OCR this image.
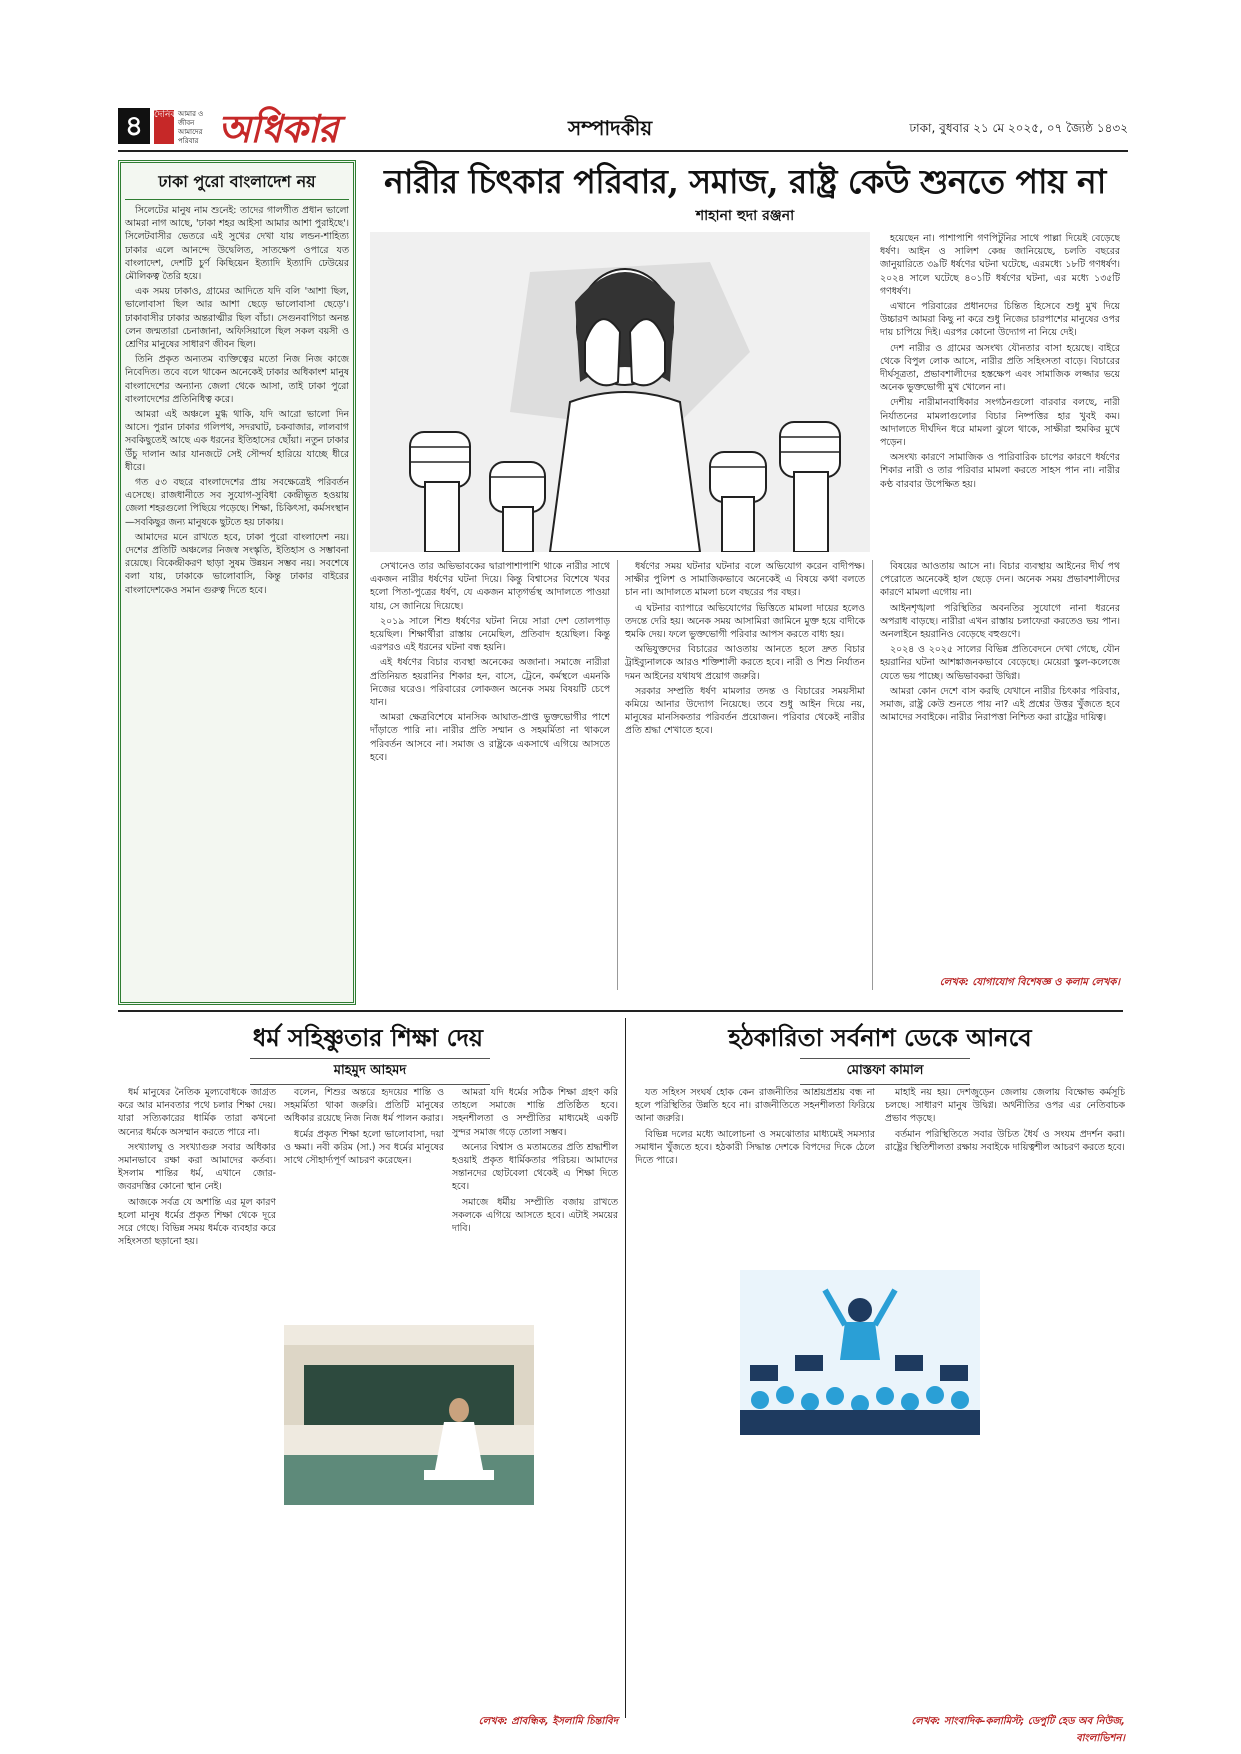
৪	দৈনিক আমার ও জীবন আমাদের পরিবার অধিকার	সম্পাদকীয়	ঢাকা, বুধবার ২১ মে ২০২৫, ০৭ জ্যৈষ্ঠ ১৪৩২
ঢাকা পুরো বাংলাদেশ নয়

সিলেটের মানুষ নাম শুনেই: তাদের গালগীত প্রধান ভালো আমরা নাগ আছে, 'ঢাকা শহর আইসা আমার আশা পুরাইছে'। সিলেটবাসীর ভেতরে এই সুখের দেখা যায় লন্ডন-শাহিত্য ঢাকার এলে আনন্দে উদ্বেলিত, সাতক্ষেপ ওপারে যত বাংলাদেশ, দেশটি চুর্ণ কিছিয়েন ইত্যাদি ইত্যাদি ঢেউয়ের মৌলিকত্ব তৈরি হয়ে।

এক সময় ঢাকাও, গ্রামের আদিতে যদি বলি 'আশা ছিল, ভালোবাসা ছিল আর আশা ছেড়ে ভালোবাসা ছেড়ে'। ঢাকাবাসীর ঢাকার অন্তরাত্মীর ছিল বাঁচা। সেগুনবাগিচা অনন্ত লেন জন্মতারা চেনাজানা, অফিসিয়ালে ছিল সকল বয়সী ও শ্রেণির মানুষের সাধারণ জীবন ছিল।

তিনি প্রকৃত অন্যতম ব্যক্তিত্বের মতো নিজ নিজ কাজে নিবেদিত। তবে বলে থাকেন অনেকেই ঢাকার অধিকাংশ মানুষ বাংলাদেশের অন্যান্য জেলা থেকে আসা, তাই ঢাকা পুরো বাংলাদেশের প্রতিনিধিত্ব করে।

আমরা এই অঞ্চলে মুগ্ধ থাকি, যদি আরো ভালো দিন আসে। পুরান ঢাকার গলিপথ, সদরঘাট, চকবাজার, লালবাগ সবকিছুতেই আছে এক ধরনের ইতিহাসের ছোঁয়া। নতুন ঢাকার উঁচু দালান আর যানজটে সেই সৌন্দর্য হারিয়ে যাচ্ছে ধীরে ধীরে।

গত ৫৩ বছরে বাংলাদেশের প্রায় সবক্ষেত্রেই পরিবর্তন এসেছে। রাজধানীতে সব সুযোগ-সুবিধা কেন্দ্রীভূত হওয়ায় জেলা শহরগুলো পিছিয়ে পড়েছে। শিক্ষা, চিকিৎসা, কর্মসংস্থান—সবকিছুর জন্য মানুষকে ছুটতে হয় ঢাকায়।

আমাদের মনে রাখতে হবে, ঢাকা পুরো বাংলাদেশ নয়। দেশের প্রতিটি অঞ্চলের নিজস্ব সংস্কৃতি, ইতিহাস ও সম্ভাবনা রয়েছে। বিকেন্দ্রীকরণ ছাড়া সুষম উন্নয়ন সম্ভব নয়। সবশেষে বলা যায়, ঢাকাকে ভালোবাসি, কিন্তু ঢাকার বাইরের বাংলাদেশকেও সমান গুরুত্ব দিতে হবে।

নারীর চিৎকার পরিবার, সমাজ, রাষ্ট্র কেউ শুনতে পায় না
শাহানা হুদা রঞ্জনা

হয়েছেন না। পাশাপাশি গণপিটুনির সাথে পাল্লা দিয়েই বেড়েছে ধর্ষণ। আইন ও সালিশ কেন্দ্র জানিয়েছে, চলতি বছরের জানুয়ারিতে ৩৯টি ধর্ষণের ঘটনা ঘটেছে, এরমধ্যে ১৮টি গণধর্ষণ। ২০২৪ সালে ঘটেছে ৪০১টি ধর্ষণের ঘটনা, এর মধ্যে ১৩৫টি গণধর্ষণ।

এখানে পরিবারের প্রধানদের চিন্তিত হিসেবে শুধু মুখ দিয়ে উচ্চারণ আমরা কিছু না করে শুধু নিজের চারপাশের মানুষের ওপর দায় চাপিয়ে দিই। এরপর কোনো উদ্যোগ না নিয়ে দেই।

দেশ নারীর ও গ্রামের অসংখ্য যৌনতার বাসা হয়েছে। বাইরে থেকে বিপুল লোক আসে, নারীর প্রতি সহিংসতা বাড়ে। বিচারের দীর্ঘসূত্রতা, প্রভাবশালীদের হস্তক্ষেপ এবং সামাজিক লজ্জার ভয়ে অনেক ভুক্তভোগী মুখ খোলেন না।

দেশীয় নারীমানবাধিকার সংগঠনগুলো বারবার বলছে, নারী নির্যাতনের মামলাগুলোর বিচার নিষ্পত্তির হার খুবই কম। আদালতে দীর্ঘদিন ধরে মামলা ঝুলে থাকে, সাক্ষীরা হুমকির মুখে পড়েন।

অসংখ্য কারণে সামাজিক ও পারিবারিক চাপের কারণে ধর্ষণের শিকার নারী ও তার পরিবার মামলা করতে সাহস পান না। নারীর কণ্ঠ বারবার উপেক্ষিত হয়।

সেখানেও তার অভিভাবকের দ্বারাপাশাপাশি থাকে নারীর সাথে একজন নারীর ধর্ষণের ঘটনা দিয়ে। কিন্তু বিশ্বাসের বিশেষে খবর হলো পিতা-পুত্রের ধর্ষণ, যে একজন মাতৃগর্ভস্থ আদালতে পাওয়া যায়, সে জানিয়ে দিয়েছে।

২০১৯ সালে শিশু ধর্ষণের ঘটনা নিয়ে সারা দেশ তোলপাড় হয়েছিল। শিক্ষার্থীরা রাস্তায় নেমেছিল, প্রতিবাদ হয়েছিল। কিন্তু এরপরও এই ধরনের ঘটনা বন্ধ হয়নি।

এই ধর্ষণের বিচার ব্যবস্থা অনেকের অজানা। সমাজে নারীরা প্রতিনিয়ত হয়রানির শিকার হন, বাসে, ট্রেনে, কর্মস্থলে এমনকি নিজের ঘরেও। পরিবারের লোকজন অনেক সময় বিষয়টি চেপে যান।

আমরা ক্ষেত্রবিশেষে মানসিক আঘাত-প্রাপ্ত ভুক্তভোগীর পাশে দাঁড়াতে পারি না। নারীর প্রতি সম্মান ও সহমর্মিতা না থাকলে পরিবর্তন আসবে না। সমাজ ও রাষ্ট্রকে একসাথে এগিয়ে আসতে হবে।

ধর্ষণের সময় ঘটনার ঘটনার বলে অভিযোগ করেন বাদীপক্ষ। সাক্ষীর পুলিশ ও সামাজিকভাবে অনেকেই এ বিষয়ে কথা বলতে চান না। আদালতে মামলা চলে বছরের পর বছর।

এ ঘটনার ব্যাপারে অভিযোগের ভিত্তিতে মামলা দায়ের হলেও তদন্তে দেরি হয়। অনেক সময় আসামিরা জামিনে মুক্ত হয়ে বাদীকে হুমকি দেয়। ফলে ভুক্তভোগী পরিবার আপস করতে বাধ্য হয়।

অভিযুক্তদের বিচারের আওতায় আনতে হলে দ্রুত বিচার ট্রাইব্যুনালকে আরও শক্তিশালী করতে হবে। নারী ও শিশু নির্যাতন দমন আইনের যথাযথ প্রয়োগ জরুরি।

সরকার সম্প্রতি ধর্ষণ মামলার তদন্ত ও বিচারের সময়সীমা কমিয়ে আনার উদ্যোগ নিয়েছে। তবে শুধু আইন দিয়ে নয়, মানুষের মানসিকতার পরিবর্তন প্রয়োজন। পরিবার থেকেই নারীর প্রতি শ্রদ্ধা শেখাতে হবে।

বিষয়ের আওতায় আসে না। বিচার ব্যবস্থায় আইনের দীর্ঘ পথ পেরোতে অনেকেই হাল ছেড়ে দেন। অনেক সময় প্রভাবশালীদের কারণে মামলা এগোয় না।

আইনশৃঙ্খলা পরিস্থিতির অবনতির সুযোগে নানা ধরনের অপরাধ বাড়ছে। নারীরা এখন রাস্তায় চলাফেরা করতেও ভয় পান। অনলাইনে হয়রানিও বেড়েছে বহুগুণে।

২০২৪ ও ২০২৫ সালের বিভিন্ন প্রতিবেদনে দেখা গেছে, যৌন হয়রানির ঘটনা আশঙ্কাজনকভাবে বেড়েছে। মেয়েরা স্কুল-কলেজে যেতে ভয় পাচ্ছে। অভিভাবকরা উদ্বিগ্ন।

আমরা কোন দেশে বাস করছি যেখানে নারীর চিৎকার পরিবার, সমাজ, রাষ্ট্র কেউ শুনতে পায় না? এই প্রশ্নের উত্তর খুঁজতে হবে আমাদের সবাইকে। নারীর নিরাপত্তা নিশ্চিত করা রাষ্ট্রের দায়িত্ব।

লেখক: যোগাযোগ বিশেষজ্ঞ ও কলাম লেখক।
ধর্ম সহিষ্ণুতার শিক্ষা দেয়
মাহমুদ আহমদ

ধর্ম মানুষের নৈতিক মূল্যবোধকে জাগ্রত করে আর মানবতার পথে চলার শিক্ষা দেয়। যারা সত্যিকারের ধার্মিক তারা কখনো অন্যের ধর্মকে অসম্মান করতে পারে না।

সংখ্যালঘু ও সংখ্যাগুরু সবার অধিকার সমানভাবে রক্ষা করা আমাদের কর্তব্য। ইসলাম শান্তির ধর্ম, এখানে জোর-জবরদস্তির কোনো স্থান নেই।

আজকে সর্বত্র যে অশান্তি এর মূল কারণ হলো মানুষ ধর্মের প্রকৃত শিক্ষা থেকে দূরে সরে গেছে। বিভিন্ন সময় ধর্মকে ব্যবহার করে সহিংসতা ছড়ানো হয়।

বলেন, শিশুর অন্তরে হৃদয়ের শান্তি ও সহমর্মিতা থাকা জরুরি। প্রতিটি মানুষের অধিকার রয়েছে নিজ নিজ ধর্ম পালন করার।

ধর্মের প্রকৃত শিক্ষা হলো ভালোবাসা, দয়া ও ক্ষমা। নবী করিম (সা.) সব ধর্মের মানুষের সাথে সৌহার্দ্যপূর্ণ আচরণ করেছেন।

আমরা যদি ধর্মের সঠিক শিক্ষা গ্রহণ করি তাহলে সমাজে শান্তি প্রতিষ্ঠিত হবে। সহনশীলতা ও সম্প্রীতির মাধ্যমেই একটি সুন্দর সমাজ গড়ে তোলা সম্ভব।

অন্যের বিশ্বাস ও মতামতের প্রতি শ্রদ্ধাশীল হওয়াই প্রকৃত ধার্মিকতার পরিচয়। আমাদের সন্তানদের ছোটবেলা থেকেই এ শিক্ষা দিতে হবে।

সমাজে ধর্মীয় সম্প্রীতি বজায় রাখতে সকলকে এগিয়ে আসতে হবে। এটাই সময়ের দাবি।

লেখক: প্রাবন্ধিক, ইসলামি চিন্তাবিদ
হঠকারিতা সর্বনাশ ডেকে আনবে
মোস্তফা কামাল

যত সহিংস সংঘর্ষ হোক কেন রাজনীতির আশ্রয়প্রশ্রয় বন্ধ না হলে পরিস্থিতির উন্নতি হবে না। রাজনীতিতে সহনশীলতা ফিরিয়ে আনা জরুরি।

বিভিন্ন দলের মধ্যে আলোচনা ও সমঝোতার মাধ্যমেই সমস্যার সমাধান খুঁজতে হবে। হঠকারী সিদ্ধান্ত দেশকে বিপদের দিকে ঠেলে দিতে পারে।

মাহাই নয় হয়। দেশজুড়েন জেলায় জেলায় বিক্ষোভ কর্মসূচি চলছে। সাধারণ মানুষ উদ্বিগ্ন। অর্থনীতির ওপর এর নেতিবাচক প্রভাব পড়ছে।

বর্তমান পরিস্থিতিতে সবার উচিত ধৈর্য ও সংযম প্রদর্শন করা। রাষ্ট্রের স্থিতিশীলতা রক্ষায় সবাইকে দায়িত্বশীল আচরণ করতে হবে।

লেখক: সাংবাদিক-কলামিস্ট; ডেপুটি হেড অব নিউজ, বাংলাভিশন।
